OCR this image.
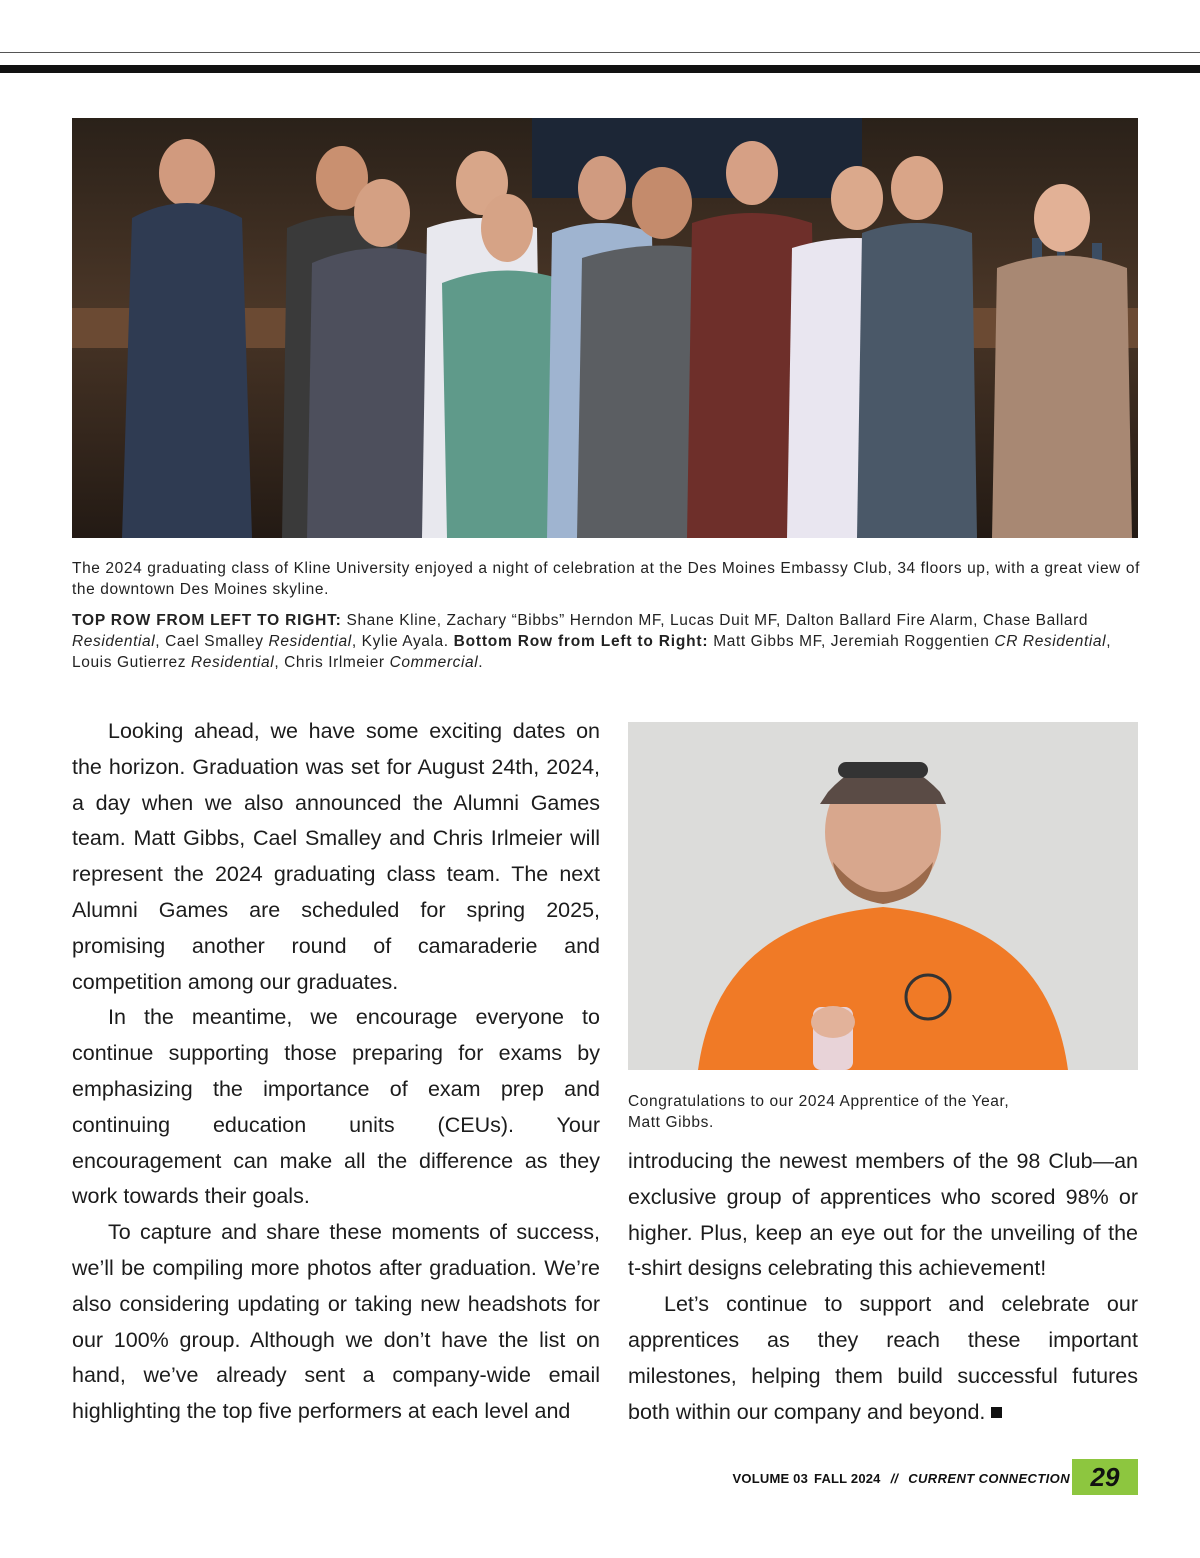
The 2024 graduating class of Kline University enjoyed a night of celebration at the Des Moines Embassy Club, 34 floors up, with a great view of the downtown Des Moines skyline.
TOP ROW FROM LEFT TO RIGHT: Shane Kline, Zachary “Bibbs” Herndon MF, Lucas Duit MF, Dalton Ballard Fire Alarm, Chase Ballard Residential, Cael Smalley Residential, Kylie Ayala. Bottom Row from Left to Right: Matt Gibbs MF, Jeremiah Roggentien CR Residential, Louis Gutierrez Residential, Chris Irlmeier Commercial.
Congratulations to our 2024 Apprentice of the Year,
Matt Gibbs.

Looking ahead, we have some exciting dates on the horizon. Graduation was set for August 24th, 2024, a day when we also announced the Alumni Games team. Matt Gibbs, Cael Smalley and Chris Irlmeier will represent the 2024 graduating class team. The next Alumni Games are scheduled for spring 2025, promising another round of camaraderie and competition among our graduates.

In the meantime, we encourage everyone to continue supporting those preparing for exams by emphasizing the importance of exam prep and continuing education units (CEUs). Your encouragement can make all the difference as they work towards their goals.

To capture and share these moments of success, we’ll be compiling more photos after graduation. We’re also considering updating or taking new headshots for our 100% group. Although we don’t have the list on hand, we’ve already sent a company-wide email highlighting the top five performers at each level and

introducing the newest members of the 98 Club—an exclusive group of apprentices who scored 98% or higher. Plus, keep an eye out for the unveiling of the t-shirt designs celebrating this achievement!

Let’s continue to support and celebrate our apprentices as they reach these important milestones, helping them build successful futures both within our company and beyond.

VOLUME 03 FALL 2024 // CURRENT CONNECTION 29
